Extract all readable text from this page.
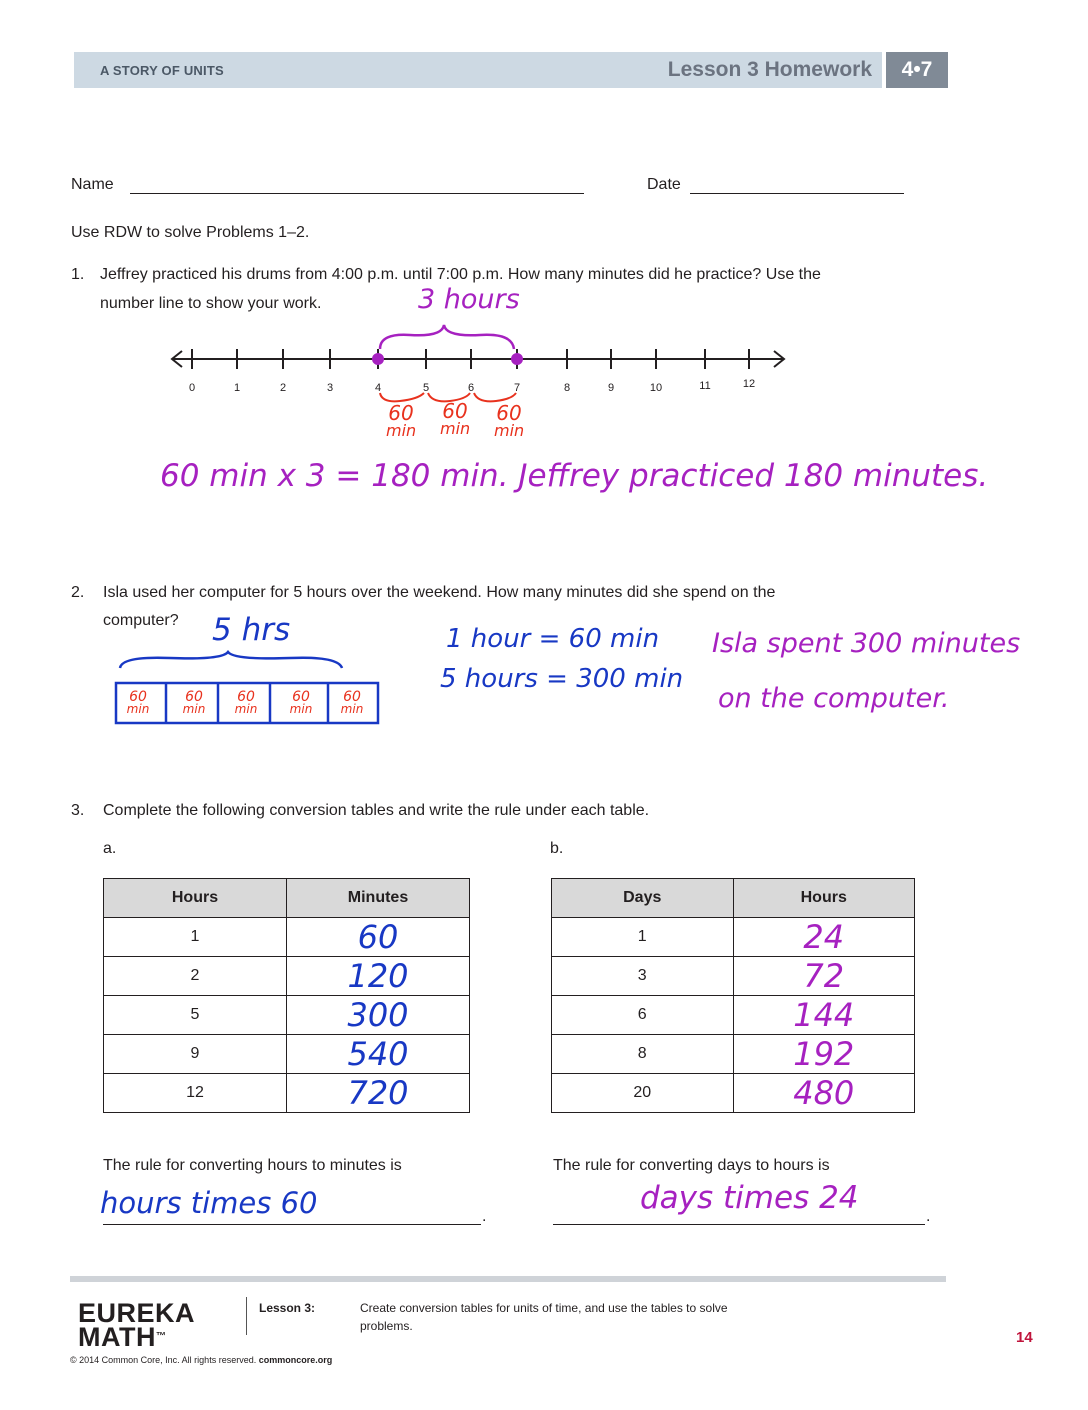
A STORY OF UNITS	Lesson 3 Homework	4•7
Name	Date
Use RDW to solve Problems 1–2.
1. Jeffrey practiced his drums from 4:00 p.m. until 7:00 p.m. How many minutes did he practice? Use the
number line to show your work.
0	1	2	3	4	5	6	7	8	9	10	11	12
3 hours
60
min
60
min
60
min
60 min x 3 = 180 min. Jeffrey practiced 180 minutes.
2. Isla used her computer for 5 hours over the weekend. How many minutes did she spend on the
computer? 5 hrs
60
min
60
min
60
min
60
min
60
min
1 hour = 60 min
5 hours = 300 min
Isla spent 300 minutes
on the computer.
3. Complete the following conversion tables and write the rule under each table.
a.	b.
Hours	Minutes
1	60
2	120
5	300
9	540
12	720
Days	Hours
1	24
3	72
6	144
8	192
20	480
The rule for converting hours to minutes is
.
hours times 60
The rule for converting days to hours is
.
days times 24
EUREKA
MATH™
Lesson 3:	Create conversion tables for units of time, and use the tables to solve problems.
© 2014 Common Core, Inc. All rights reserved. commoncore.org
14
